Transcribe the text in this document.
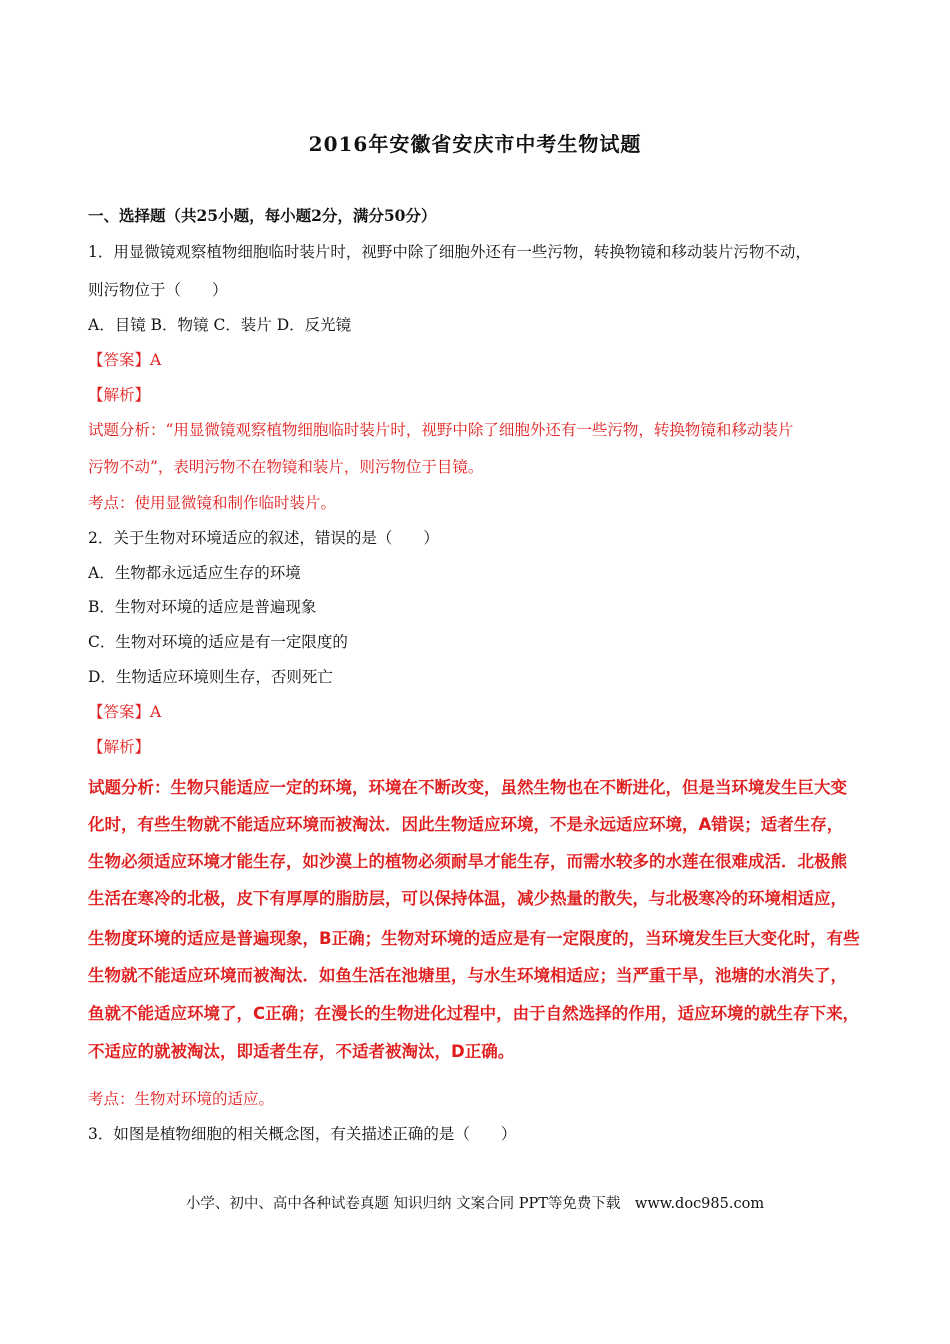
2016年安徽省安庆市中考生物试题
一、选择题（共25小题，每小题2分，满分50分）
1．用显微镜观察植物细胞临时装片时，视野中除了细胞外还有一些污物，转换物镜和移动装片污物不动，
则污物位于（　　）
A．目镜 B．物镜 C．装片 D．反光镜
【答案】A
【解析】
试题分析：“用显微镜观察植物细胞临时装片时，视野中除了细胞外还有一些污物，转换物镜和移动装片
污物不动”，表明污物不在物镜和装片，则污物位于目镜。
考点：使用显微镜和制作临时装片。
2．关于生物对环境适应的叙述，错误的是（　　）
A．生物都永远适应生存的环境
B．生物对环境的适应是普遍现象
C．生物对环境的适应是有一定限度的
D．生物适应环境则生存，否则死亡
【答案】A
【解析】
试题分析：生物只能适应一定的环境，环境在不断改变，虽然生物也在不断进化，但是当环境发生巨大变
化时，有些生物就不能适应环境而被淘汰．因此生物适应环境，不是永远适应环境，A错误；适者生存，
生物必须适应环境才能生存，如沙漠上的植物必须耐旱才能生存，而需水较多的水莲在很难成活．北极熊
生活在寒冷的北极，皮下有厚厚的脂肪层，可以保持体温，减少热量的散失，与北极寒冷的环境相适应，
生物度环境的适应是普遍现象，B正确；生物对环境的适应是有一定限度的，当环境发生巨大变化时，有些
生物就不能适应环境而被淘汰．如鱼生活在池塘里，与水生环境相适应；当严重干旱，池塘的水消失了，
鱼就不能适应环境了，C正确；在漫长的生物进化过程中，由于自然选择的作用，适应环境的就生存下来，
不适应的就被淘汰，即适者生存，不适者被淘汰，D正确。
考点：生物对环境的适应。
3．如图是植物细胞的相关概念图，有关描述正确的是（　　）
小学、初中、高中各种试卷真题 知识归纳 文案合同 PPT等免费下载　www.doc985.com
